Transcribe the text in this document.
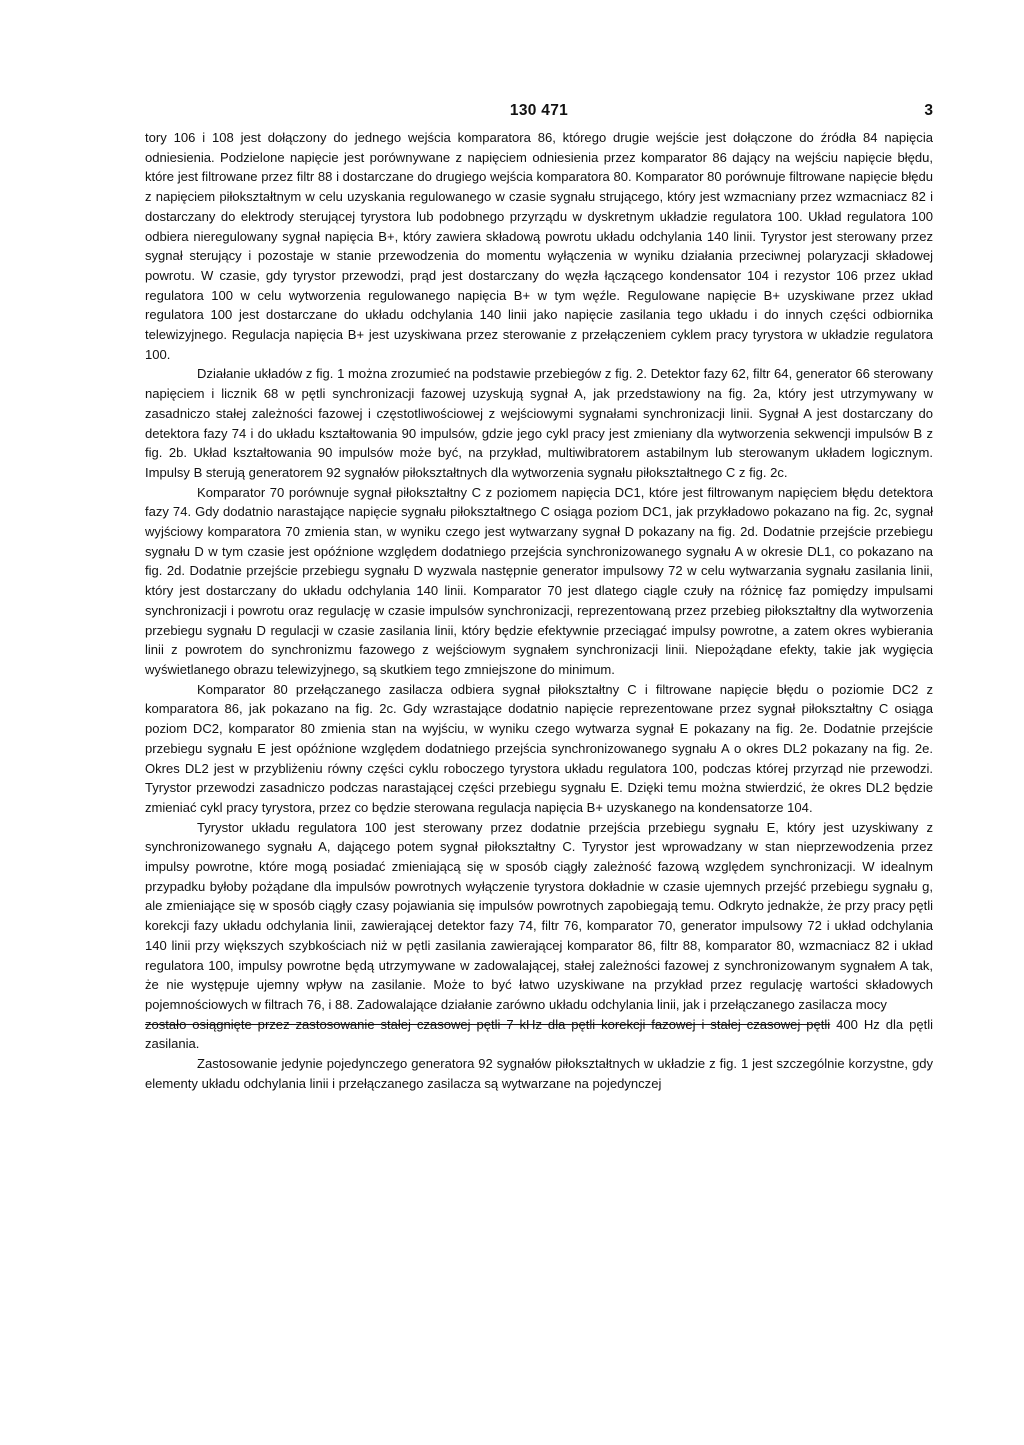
130 471	3

tory 106 i 108 jest dołączony do jednego wejścia komparatora 86, którego drugie wejście jest dołączone do źródła 84 napięcia odniesienia. Podzielone napięcie jest porównywane z napięciem odniesienia przez komparator 86 dający na wejściu napięcie błędu, które jest filtrowane przez filtr 88 i dostarczane do drugiego wejścia komparatora 80. Komparator 80 porównuje filtrowane napięcie błędu z napięciem piłokształtnym w celu uzyskania regulowanego w czasie sygnału strującego, który jest wzmacniany przez wzmacniacz 82 i dostarczany do elektrody sterującej tyrystora lub podobnego przyrządu w dyskretnym układzie regulatora 100. Układ regulatora 100 odbiera nieregulowany sygnał napięcia B+, który zawiera składową powrotu układu odchylania 140 linii. Tyrystor jest sterowany przez sygnał sterujący i pozostaje w stanie przewodzenia do momentu wyłączenia w wyniku działania przeciwnej polaryzacji składowej powrotu. W czasie, gdy tyrystor przewodzi, prąd jest dostarczany do węzła łączącego kondensator 104 i rezystor 106 przez układ regulatora 100 w celu wytworzenia regulowanego napięcia B+ w tym węźle. Regulowane napięcie B+ uzyskiwane przez układ regulatora 100 jest dostarczane do układu odchylania 140 linii jako napięcie zasilania tego układu i do innych części odbiornika telewizyjnego. Regulacja napięcia B+ jest uzyskiwana przez sterowanie z przełączeniem cyklem pracy tyrystora w układzie regulatora 100.

Działanie układów z fig. 1 można zrozumieć na podstawie przebiegów z fig. 2. Detektor fazy 62, filtr 64, generator 66 sterowany napięciem i licznik 68 w pętli synchronizacji fazowej uzyskują sygnał A, jak przedstawiony na fig. 2a, który jest utrzymywany w zasadniczo stałej zależności fazowej i częstotliwościowej z wejściowymi sygnałami synchronizacji linii. Sygnał A jest dostarczany do detektora fazy 74 i do układu kształtowania 90 impulsów, gdzie jego cykl pracy jest zmieniany dla wytworzenia sekwencji impulsów B z fig. 2b. Układ kształtowania 90 impulsów może być, na przykład, multiwibratorem astabilnym lub sterowanym układem logicznym. Impulsy B sterują generatorem 92 sygnałów piłokształtnych dla wytworzenia sygnału piłokształtnego C z fig. 2c.

Komparator 70 porównuje sygnał piłokształtny C z poziomem napięcia DC1, które jest filtrowanym napięciem błędu detektora fazy 74. Gdy dodatnio narastające napięcie sygnału piłokształtnego C osiąga poziom DC1, jak przykładowo pokazano na fig. 2c, sygnał wyjściowy komparatora 70 zmienia stan, w wyniku czego jest wytwarzany sygnał D pokazany na fig. 2d. Dodatnie przejście przebiegu sygnału D w tym czasie jest opóźnione względem dodatniego przejścia synchronizowanego sygnału A w okresie DL1, co pokazano na fig. 2d. Dodatnie przejście przebiegu sygnału D wyzwala następnie generator impulsowy 72 w celu wytwarzania sygnału zasilania linii, który jest dostarczany do układu odchylania 140 linii. Komparator 70 jest dlatego ciągle czuły na różnicę faz pomiędzy impulsami synchronizacji i powrotu oraz regulację w czasie impulsów synchronizacji, reprezentowaną przez przebieg piłokształtny dla wytworzenia przebiegu sygnału D regulacji w czasie zasilania linii, który będzie efektywnie przeciągać impulsy powrotne, a zatem okres wybierania linii z powrotem do synchronizmu fazowego z wejściowym sygnałem synchronizacji linii. Niepożądane efekty, takie jak wygięcia wyświetlanego obrazu telewizyjnego, są skutkiem tego zmniejszone do minimum.

Komparator 80 przełączanego zasilacza odbiera sygnał piłokształtny C i filtrowane napięcie błędu o poziomie DC2 z komparatora 86, jak pokazano na fig. 2c. Gdy wzrastające dodatnio napięcie reprezentowane przez sygnał piłokształtny C osiąga poziom DC2, komparator 80 zmienia stan na wyjściu, w wyniku czego wytwarza sygnał E pokazany na fig. 2e. Dodatnie przejście przebiegu sygnału E jest opóźnione względem dodatniego przejścia synchronizowanego sygnału A o okres DL2 pokazany na fig. 2e. Okres DL2 jest w przybliżeniu równy części cyklu roboczego tyrystora układu regulatora 100, podczas której przyrząd nie przewodzi. Tyrystor przewodzi zasadniczo podczas narastającej części przebiegu sygnału E. Dzięki temu można stwierdzić, że okres DL2 będzie zmieniać cykl pracy tyrystora, przez co będzie sterowana regulacja napięcia B+ uzyskanego na kondensatorze 104.

Tyrystor układu regulatora 100 jest sterowany przez dodatnie przejścia przebiegu sygnału E, który jest uzyskiwany z synchronizowanego sygnału A, dającego potem sygnał piłokształtny C. Tyrystor jest wprowadzany w stan nieprzewodzenia przez impulsy powrotne, które mogą posiadać zmieniającą się w sposób ciągły zależność fazową względem synchronizacji. W idealnym przypadku byłoby pożądane dla impulsów powrotnych wyłączenie tyrystora dokładnie w czasie ujemnych przejść przebiegu sygnału g, ale zmieniające się w sposób ciągły czasy pojawiania się impulsów powrotnych zapobiegają temu. Odkryto jednakże, że przy pracy pętli korekcji fazy układu odchylania linii, zawierającej detektor fazy 74, filtr 76, komparator 70, generator impulsowy 72 i układ odchylania 140 linii przy większych szybkościach niż w pętli zasilania zawierającej komparator 86, filtr 88, komparator 80, wzmacniacz 82 i układ regulatora 100, impulsy powrotne będą utrzymywane w zadowalającej, stałej zależności fazowej z synchronizowanym sygnałem A tak, że nie występuje ujemny wpływ na zasilanie. Może to być łatwo uzyskiwane na przykład przez regulację wartości składowych pojemnościowych w filtrach 76, i 88. Zadowalające działanie zarówno układu odchylania linii, jak i przełączanego zasilacza mocy

zostało osiągnięte przez zastosowanie stałej czasowej pętli 7 kHz dla pętli korekcji fazowej i stałej czasowej pętli 400 Hz dla pętli zasilania.

Zastosowanie jedynie pojedynczego generatora 92 sygnałów piłokształtnych w układzie z fig. 1 jest szczególnie korzystne, gdy elementy układu odchylania linii i przełączanego zasilacza są wytwarzane na pojedynczej
